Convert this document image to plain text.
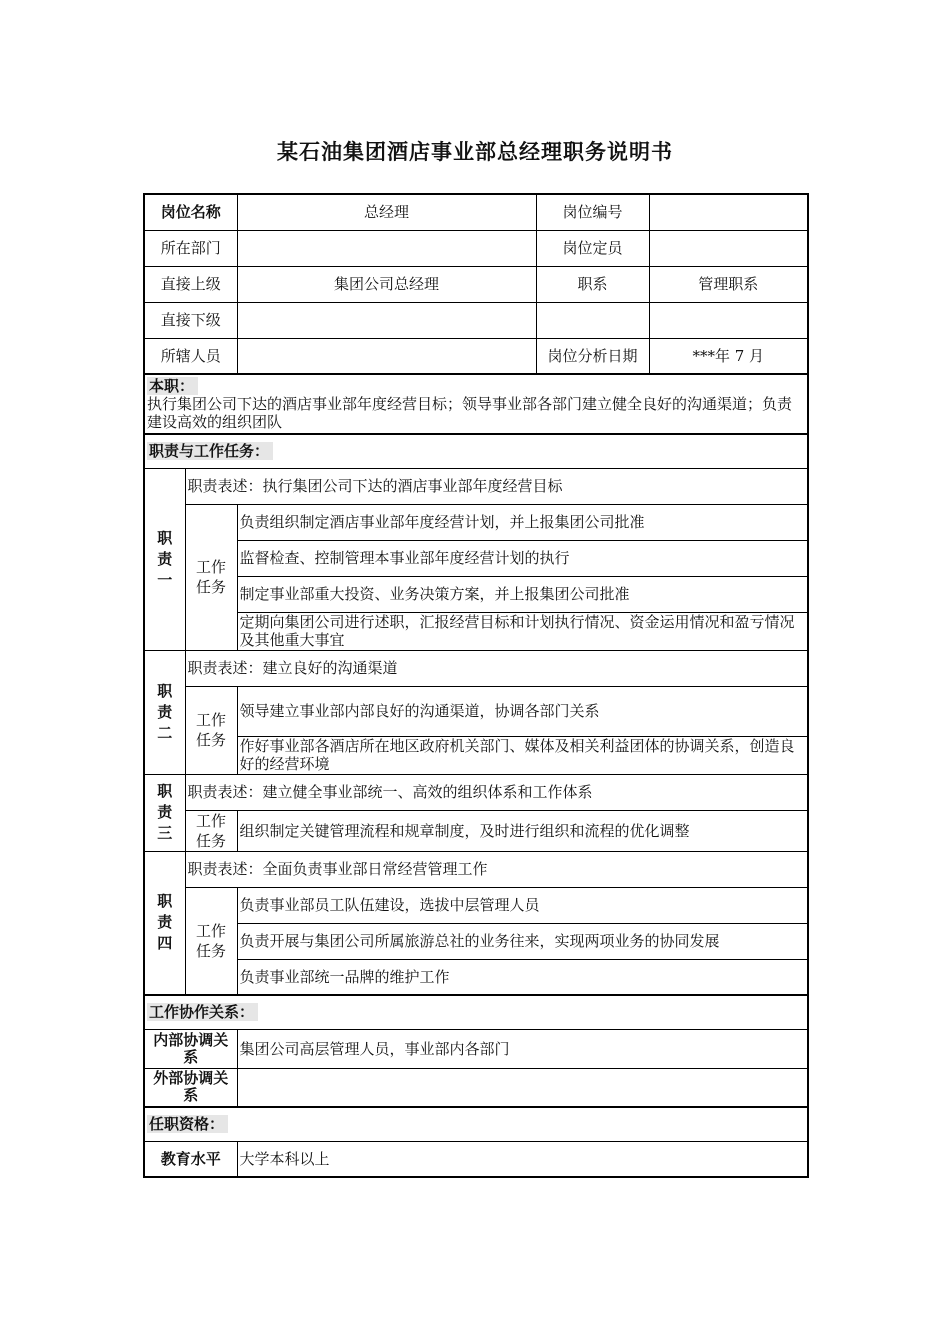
某石油集团酒店事业部总经理职务说明书
岗位名称		总经理	岗位编号	
所在部门			岗位定员	
直接上级		集团公司总经理	职系	管理职系
直接下级				
所辖人员			岗位分析日期	***年 7 月
本职：
执行集团公司下达的酒店事业部年度经营目标；领导事业部各部门建立健全良好的沟通渠道；负责建设高效的组织团队				
职责与工作任务：				
职责一	职责表述：执行集团公司下达的酒店事业部年度经营目标			
	工作任务	负责组织制定酒店事业部年度经营计划，并上报集团公司批准		
		监督检查、控制管理本事业部年度经营计划的执行		
		制定事业部重大投资、业务决策方案，并上报集团公司批准		
		定期向集团公司进行述职，汇报经营目标和计划执行情况、资金运用情况和盈亏情况及其他重大事宜		
职责二	职责表述：建立良好的沟通渠道			
	工作任务	领导建立事业部内部良好的沟通渠道，协调各部门关系		
		作好事业部各酒店所在地区政府机关部门、媒体及相关利益团体的协调关系，创造良好的经营环境		
职责三	职责表述：建立健全事业部统一、高效的组织体系和工作体系			
	工作任务	组织制定关键管理流程和规章制度，及时进行组织和流程的优化调整		
职责四	职责表述：全面负责事业部日常经营管理工作			
	工作任务	负责事业部员工队伍建设，选拔中层管理人员		
		负责开展与集团公司所属旅游总社的业务往来，实现两项业务的协同发展		
		负责事业部统一品牌的维护工作		
工作协作关系：				
内部协调关系		集团公司高层管理人员，事业部内各部门		
外部协调关系				
任职资格：				
教育水平		大学本科以上		
